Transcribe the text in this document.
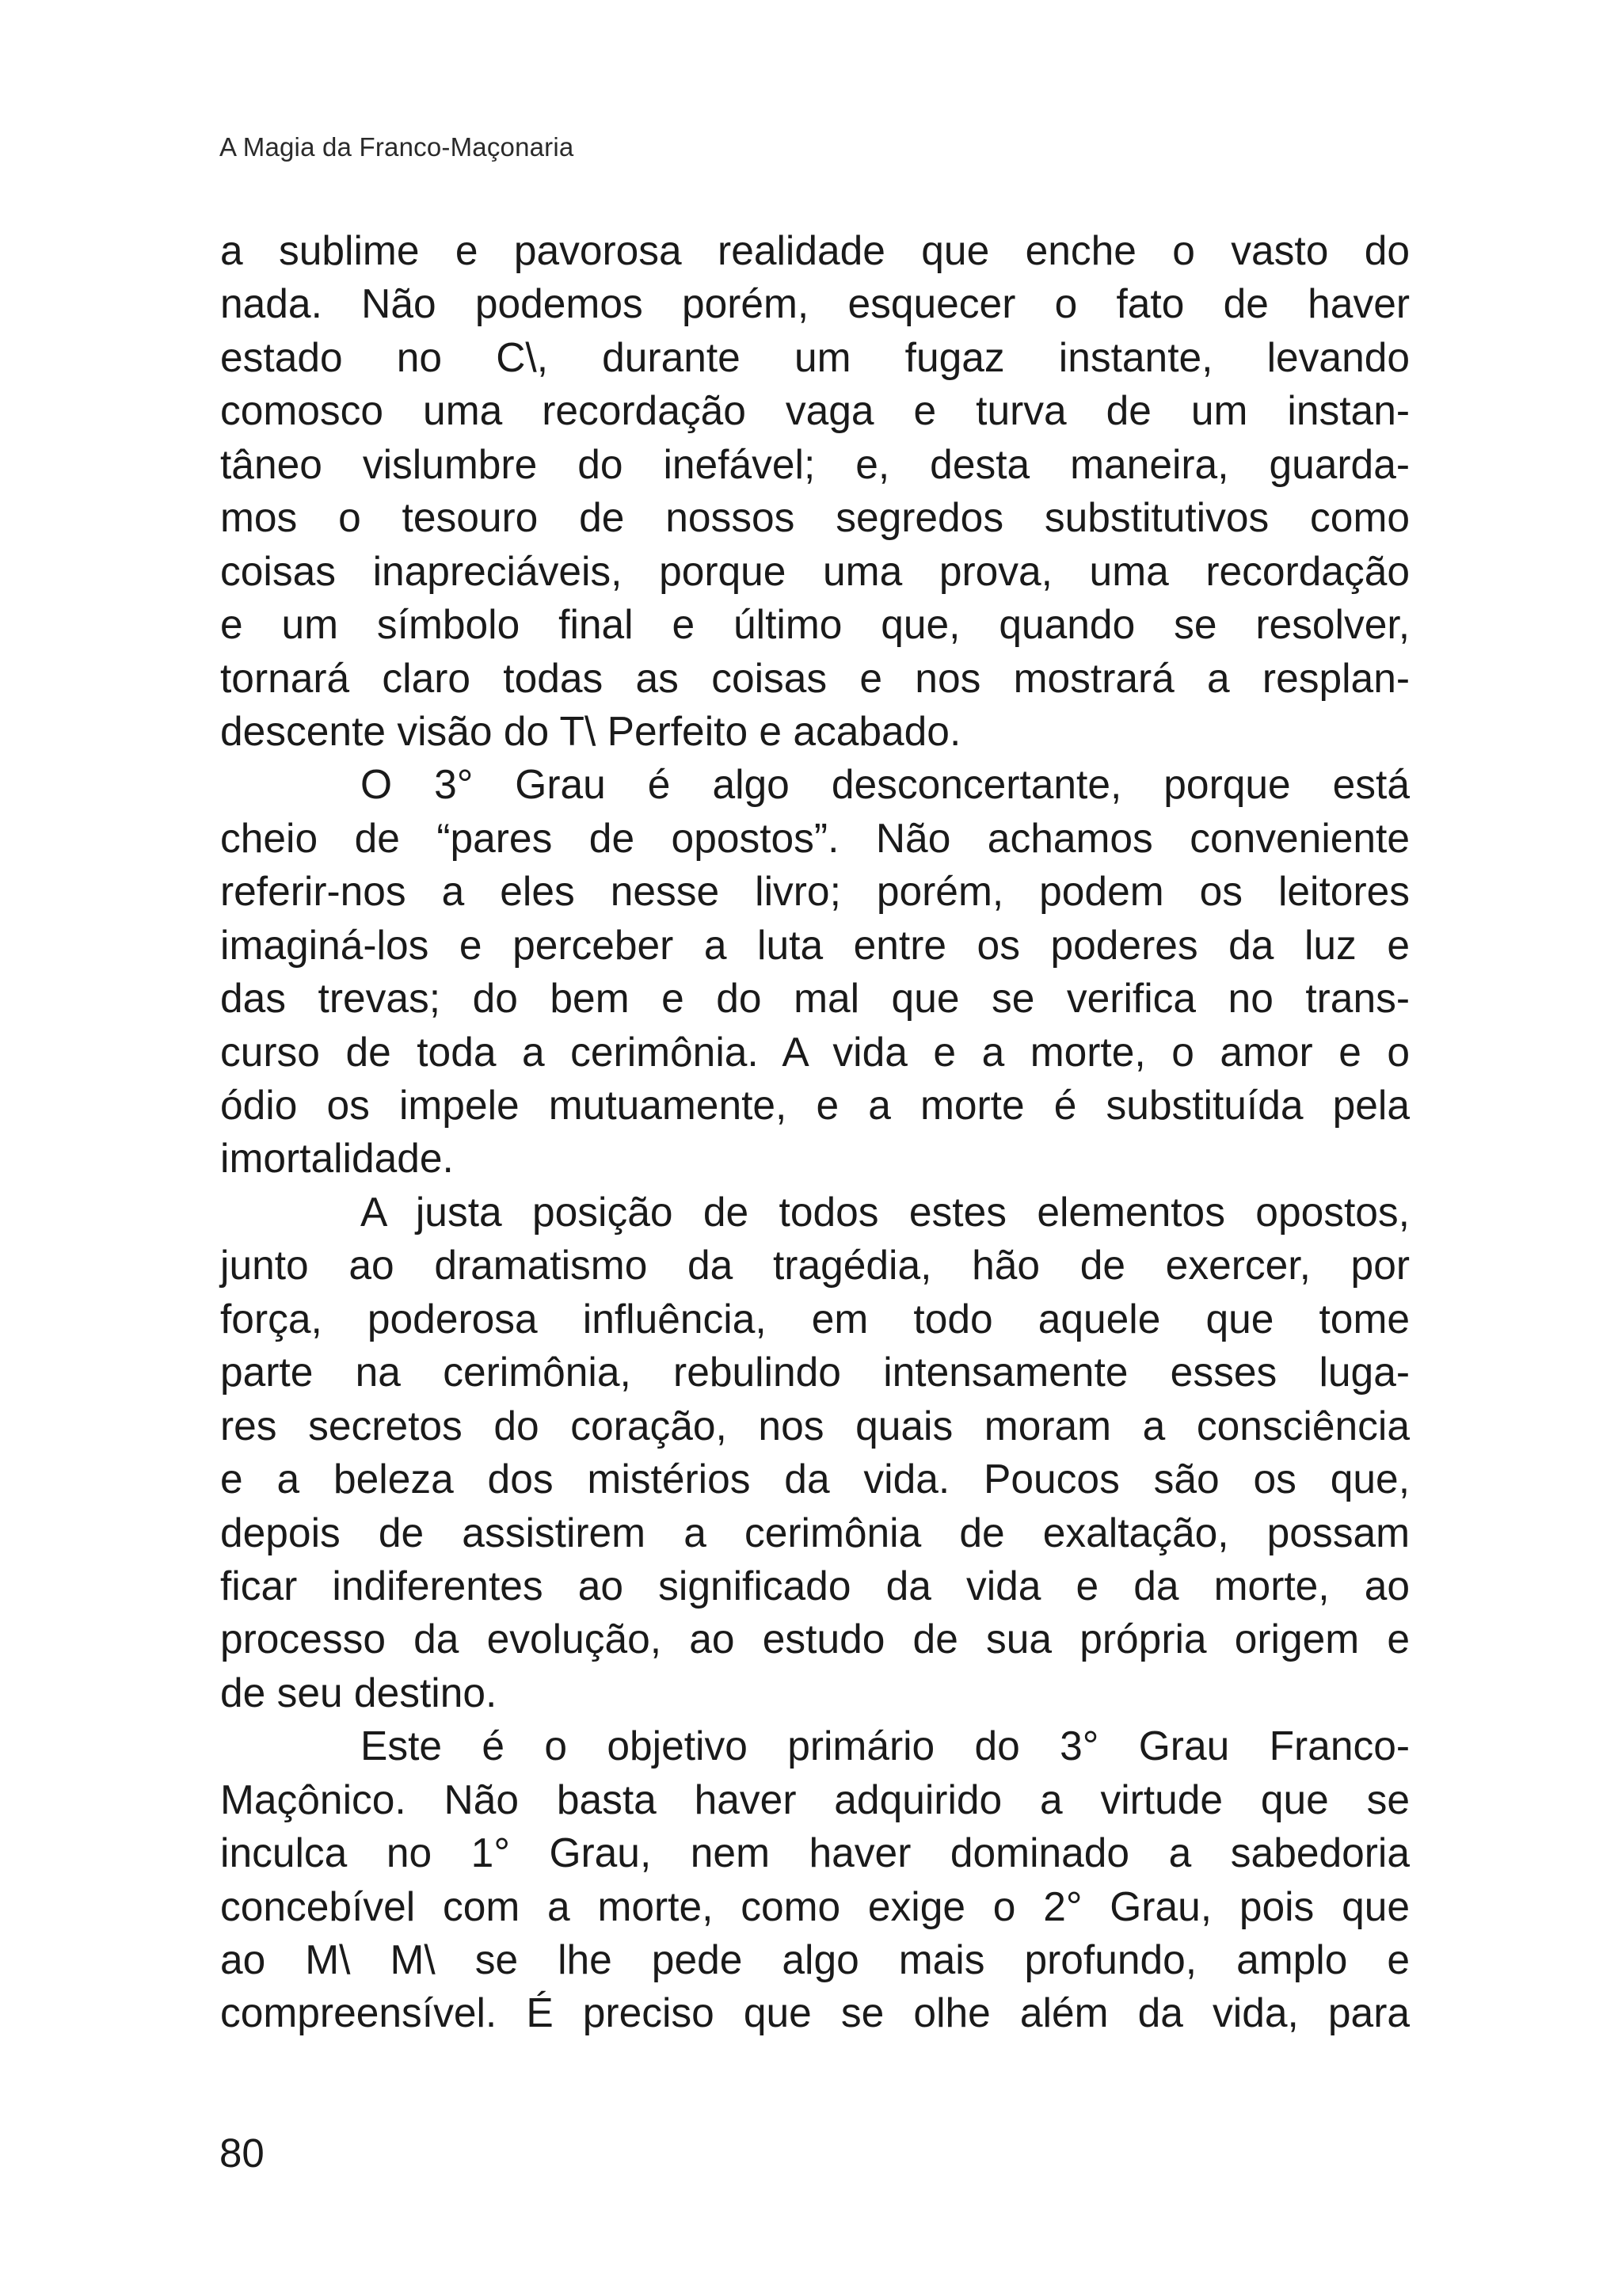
A Magia da Franco-Maçonaria
a sublime e pavorosa realidade que enche o vasto do
nada. Não podemos porém, esquecer o fato de haver
estado no C\, durante um fugaz instante, levando
comosco uma recordação vaga e turva de um instan-
tâneo vislumbre do inefável; e, desta maneira, guarda-
mos o tesouro de nossos segredos substitutivos como
coisas inapreciáveis, porque uma prova, uma recordação
e um símbolo final e último que, quando se resolver,
tornará claro todas as coisas e nos mostrará a resplan-
descente visão do T\ Perfeito e acabado.
O 3° Grau é algo desconcertante, porque está
cheio de “pares de opostos”. Não achamos conveniente
referir-nos a eles nesse livro; porém, podem os leitores
imaginá-los e perceber a luta entre os poderes da luz e
das trevas; do bem e do mal que se verifica no trans-
curso de toda a cerimônia. A vida e a morte, o amor e o
ódio os impele mutuamente, e a morte é substituída pela
imortalidade.
A justa posição de todos estes elementos opostos,
junto ao dramatismo da tragédia, hão de exercer, por
força, poderosa influência, em todo aquele que tome
parte na cerimônia, rebulindo intensamente esses luga-
res secretos do coração, nos quais moram a consciência
e a beleza dos mistérios da vida. Poucos são os que,
depois de assistirem a cerimônia de exaltação, possam
ficar indiferentes ao significado da vida e da morte, ao
processo da evolução, ao estudo de sua própria origem e
de seu destino.
Este é o objetivo primário do 3° Grau Franco-
Maçônico. Não basta haver adquirido a virtude que se
inculca no 1° Grau, nem haver dominado a sabedoria
concebível com a morte, como exige o 2° Grau, pois que
ao M\ M\ se lhe pede algo mais profundo, amplo e
compreensível. É preciso que se olhe além da vida, para
80
